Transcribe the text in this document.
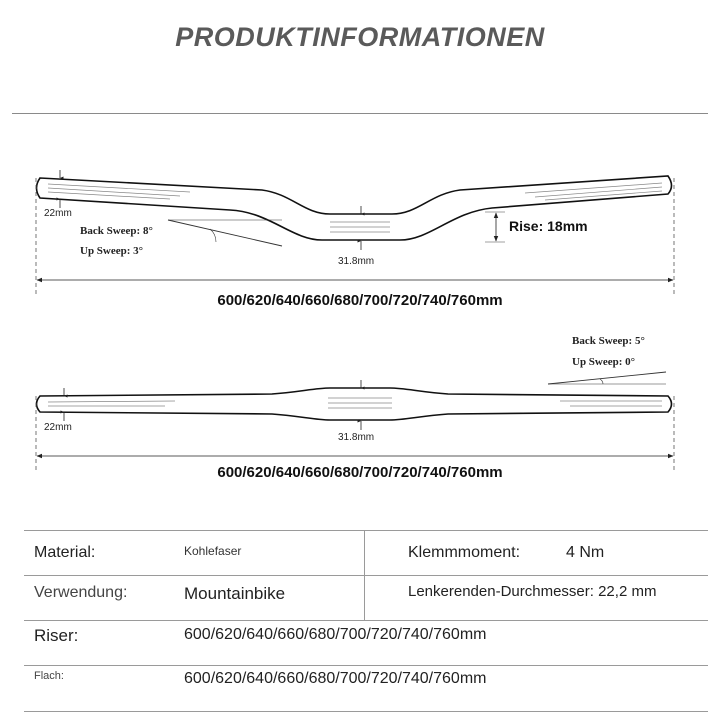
PRODUKTINFORMATIONEN
22mm
Back Sweep: 8°
Up Sweep: 3°
31.8mm
Rise: 18mm
600/620/640/660/680/700/720/740/760mm
Back Sweep: 5°
Up Sweep: 0°
22mm
31.8mm
600/620/640/660/680/700/720/740/760mm
Material:	Kohlefaser	Klemmmoment:	4 Nm
Verwendung:	Mountainbike	Lenkerenden-Durchmesser: 22,2 mm
Riser:	600/620/640/660/680/700/720/740/760mm
Flach:	600/620/640/660/680/700/720/740/760mm
